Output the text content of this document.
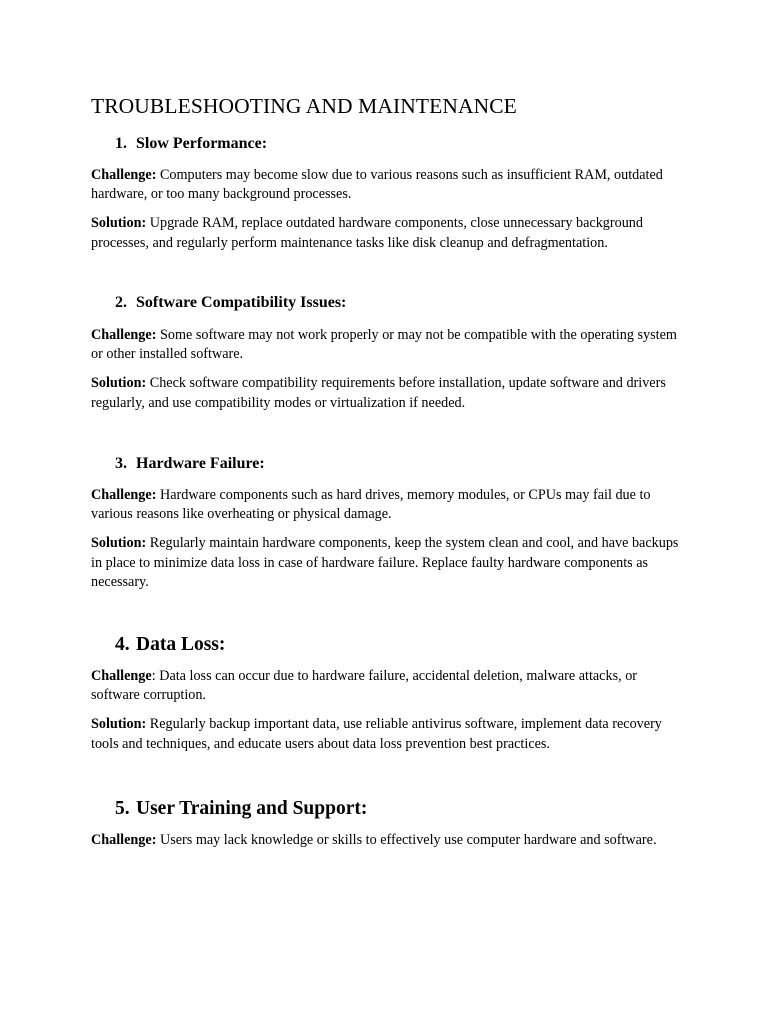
TROUBLESHOOTING AND MAINTENANCE
1. Slow Performance:

Challenge: Computers may become slow due to various reasons such as insufficient RAM, outdated hardware, or too many background processes.

Solution: Upgrade RAM, replace outdated hardware components, close unnecessary background processes, and regularly perform maintenance tasks like disk cleanup and defragmentation.

2. Software Compatibility Issues:

Challenge: Some software may not work properly or may not be compatible with the operating system or other installed software.

Solution: Check software compatibility requirements before installation, update software and drivers regularly, and use compatibility modes or virtualization if needed.

3. Hardware Failure:

Challenge: Hardware components such as hard drives, memory modules, or CPUs may fail due to various reasons like overheating or physical damage.

Solution: Regularly maintain hardware components, keep the system clean and cool, and have backups in place to minimize data loss in case of hardware failure. Replace faulty hardware components as necessary.

4. Data Loss:

Challenge: Data loss can occur due to hardware failure, accidental deletion, malware attacks, or software corruption.

Solution: Regularly backup important data, use reliable antivirus software, implement data recovery tools and techniques, and educate users about data loss prevention best practices.

5. User Training and Support:

Challenge: Users may lack knowledge or skills to effectively use computer hardware and software.
